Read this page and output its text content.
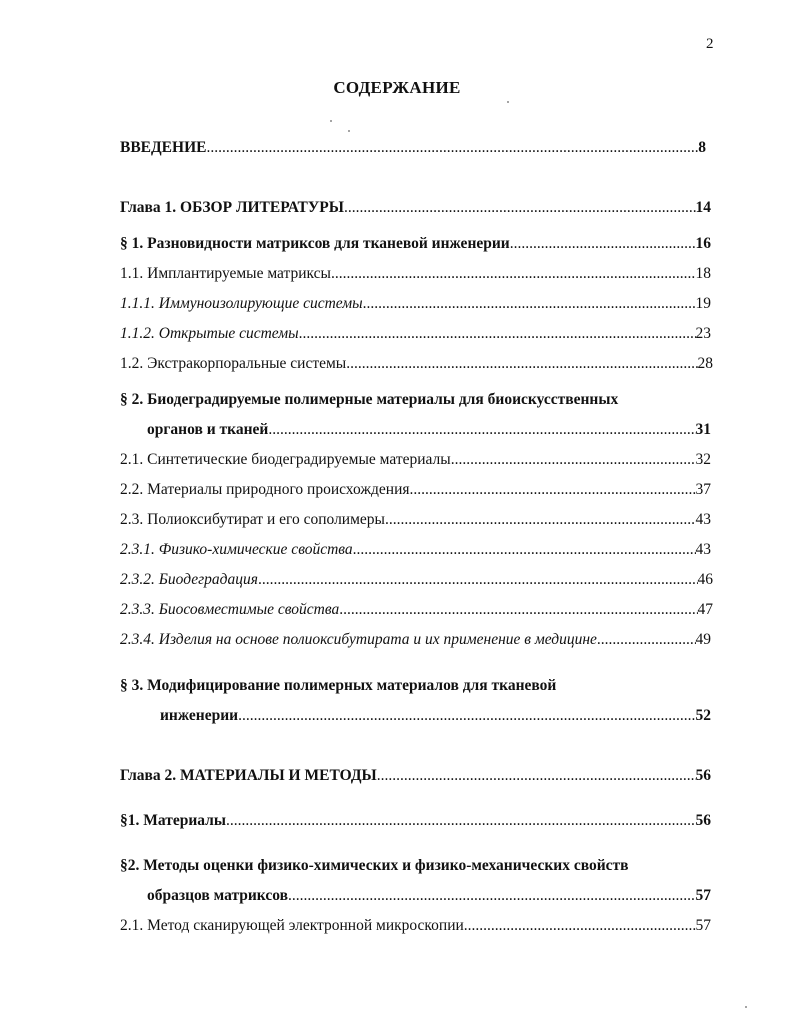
2
СОДЕРЖАНИЕ
ВВЕДЕНИЕ .....	8
Глава 1. ОБЗОР ЛИТЕРАТУРЫ .....	14
§ 1. Разновидности матриксов для тканевой инженерии .....	16
1.1. Имплантируемые матриксы .....	18
1.1.1. Иммуноизолирующие системы .....	19
1.1.2. Открытые системы .....	23
1.2. Экстракорпоральные системы .....	28
§ 2. Биодеградируемые полимерные материалы для биоискусственных
органов и тканей .....	31
2.1. Синтетические биодеградируемые материалы .....	32
2.2. Материалы природного происхождения .....	37
2.3. Полиоксибутират и его сополимеры .....	43
2.3.1. Физико-химические свойства .....	43
2.3.2. Биодеградация .....	46
2.3.3. Биосовместимые свойства .....	47
2.3.4. Изделия на основе полиоксибутирата и их применение в медицине .....	49
§ 3. Модифицирование полимерных материалов для тканевой
инженерии .....	52
Глава 2. МАТЕРИАЛЫ И МЕТОДЫ .....	56
§1. Материалы .....	56
§2. Методы оценки физико-химических и физико-механических свойств
образцов матриксов .....	57
2.1. Метод сканирующей электронной микроскопии .....	57
